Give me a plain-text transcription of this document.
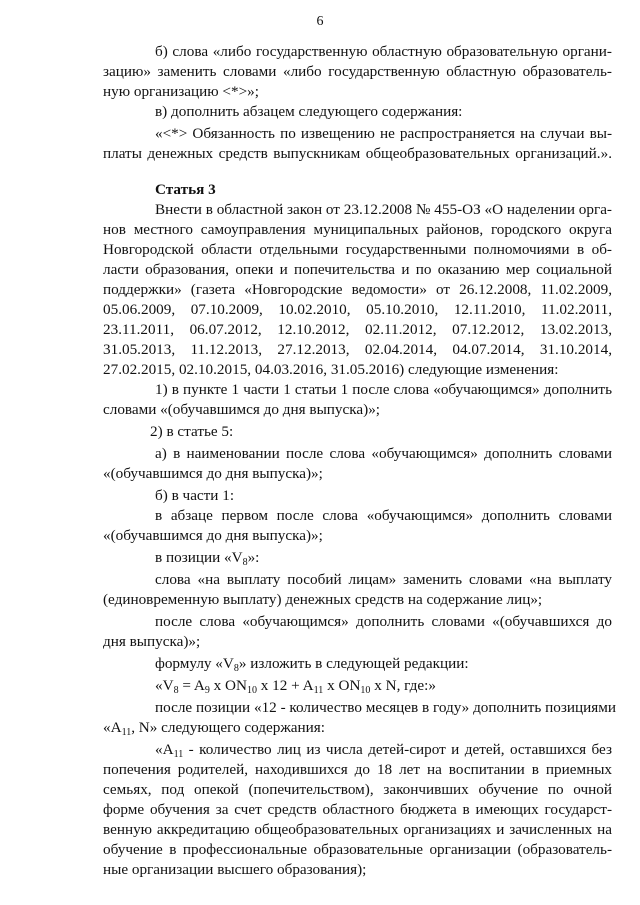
6
б) слова «либо государственную областную образовательную органи-
зацию» заменить словами «либо государственную областную образователь-
ную организацию <*>»;
в) дополнить абзацем следующего содержания:
«<*> Обязанность по извещению не распространяется на случаи вы-
платы денежных средств выпускникам общеобразовательных организаций.».
Статья 3
Внести в областной закон от 23.12.2008 № 455-ОЗ «О наделении орга-
нов местного самоуправления муниципальных районов, городского округа
Новгородской области отдельными государственными полномочиями в об-
ласти образования, опеки и попечительства и по оказанию мер социальной
поддержки» (газета «Новгородские ведомости» от 26.12.2008, 11.02.2009,
05.06.2009, 07.10.2009, 10.02.2010, 05.10.2010, 12.11.2010, 11.02.2011,
23.11.2011, 06.07.2012, 12.10.2012, 02.11.2012, 07.12.2012, 13.02.2013,
31.05.2013, 11.12.2013, 27.12.2013, 02.04.2014, 04.07.2014, 31.10.2014,
27.02.2015, 02.10.2015, 04.03.2016, 31.05.2016) следующие изменения:
1) в пункте 1 части 1 статьи 1 после слова «обучающимся» дополнить
словами «(обучавшимся до дня выпуска)»;
2) в статье 5:
а) в наименовании после слова «обучающимся» дополнить словами
«(обучавшимся до дня выпуска)»;
б) в части 1:
в абзаце первом после слова «обучающимся» дополнить словами
«(обучавшимся до дня выпуска)»;
в позиции «$V_8$»:
слова «на выплату пособий лицам» заменить словами «на выплату
(единовременную выплату) денежных средств на содержание лиц»;
после слова «обучающимся» дополнить словами «(обучавшихся до
дня выпуска)»;
формулу «$V_8$» изложить в следующей редакции:
«$V_8 = A_9$ x $ON_{10}$ x $12 + A_{11}$ x $ON_{10}$ x N, где:»
после позиции «12 - количество месяцев в году» дополнить позициями
«$A_{11}$, N» следующего содержания:
«$A_{11}$ - количество лиц из числа детей-сирот и детей, оставшихся без
попечения родителей, находившихся до 18 лет на воспитании в приемных
семьях, под опекой (попечительством), закончивших обучение по очной
форме обучения за счет средств областного бюджета в имеющих государст-
венную аккредитацию общеобразовательных организациях и зачисленных на
обучение в профессиональные образовательные организации (образователь-
ные организации высшего образования);
